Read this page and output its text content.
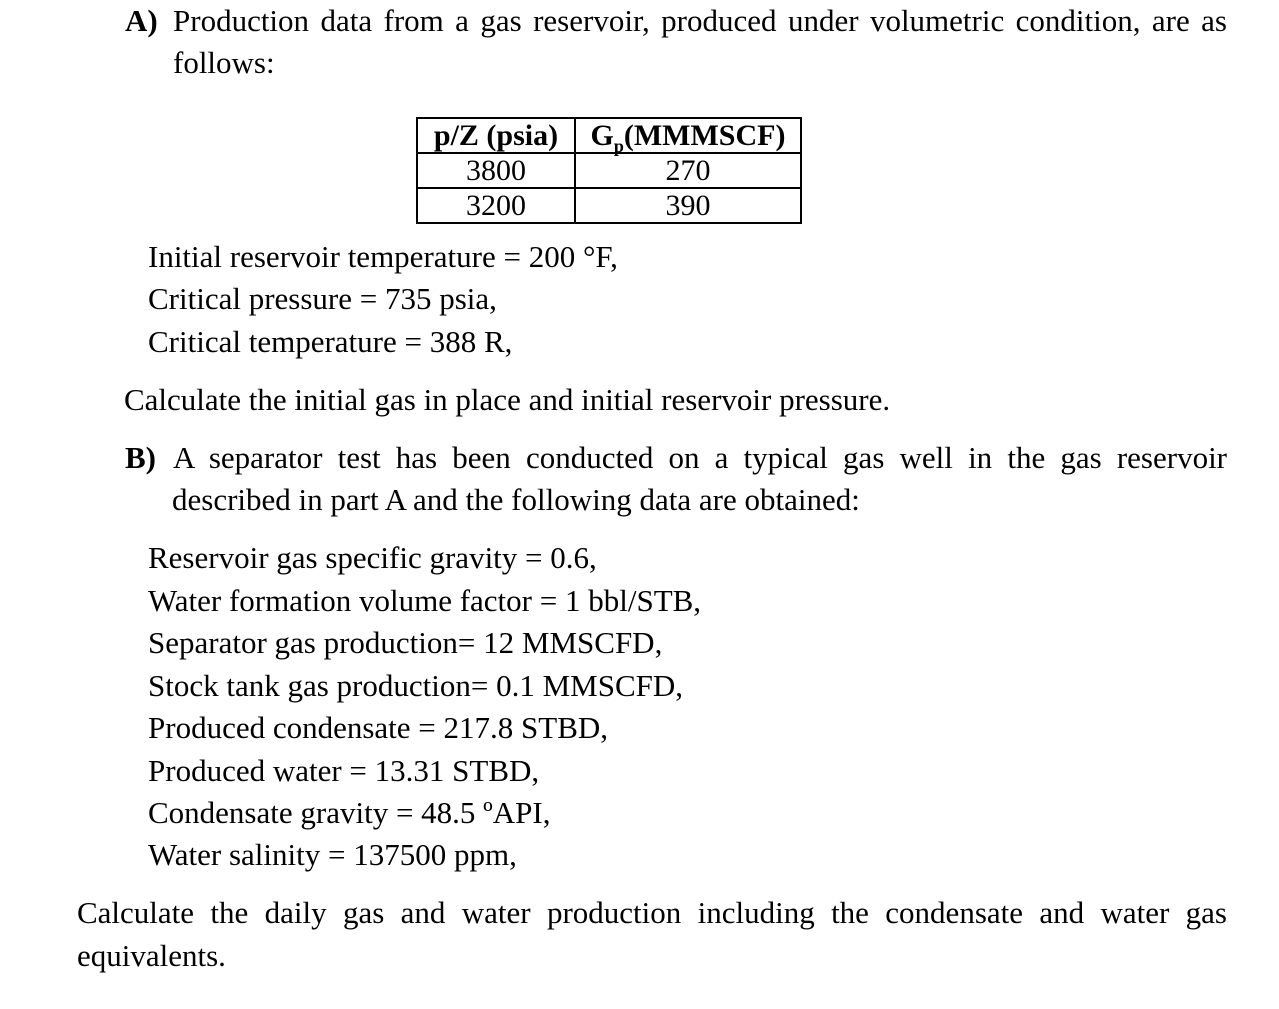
A) Production data from a gas reservoir, produced under volumetric condition, are as
follows:
p/Z (psia)	$G_p(MMMSCF)$
3800	270
3200	390
Initial reservoir temperature = 200 °F,
Critical pressure = 735 psia,
Critical temperature = 388 R,
Calculate the initial gas in place and initial reservoir pressure.
B) A separator test has been conducted on a typical gas well in the gas reservoir
described in part A and the following data are obtained:
Reservoir gas specific gravity = 0.6,
Water formation volume factor = 1 bbl/STB,
Separator gas production= 12 MMSCFD,
Stock tank gas production= 0.1 MMSCFD,
Produced condensate = 217.8 STBD,
Produced water = 13.31 STBD,
Condensate gravity = 48.5 ºAPI,
Water salinity = 137500 ppm,
Calculate the daily gas and water production including the condensate and water gas
equivalents.
